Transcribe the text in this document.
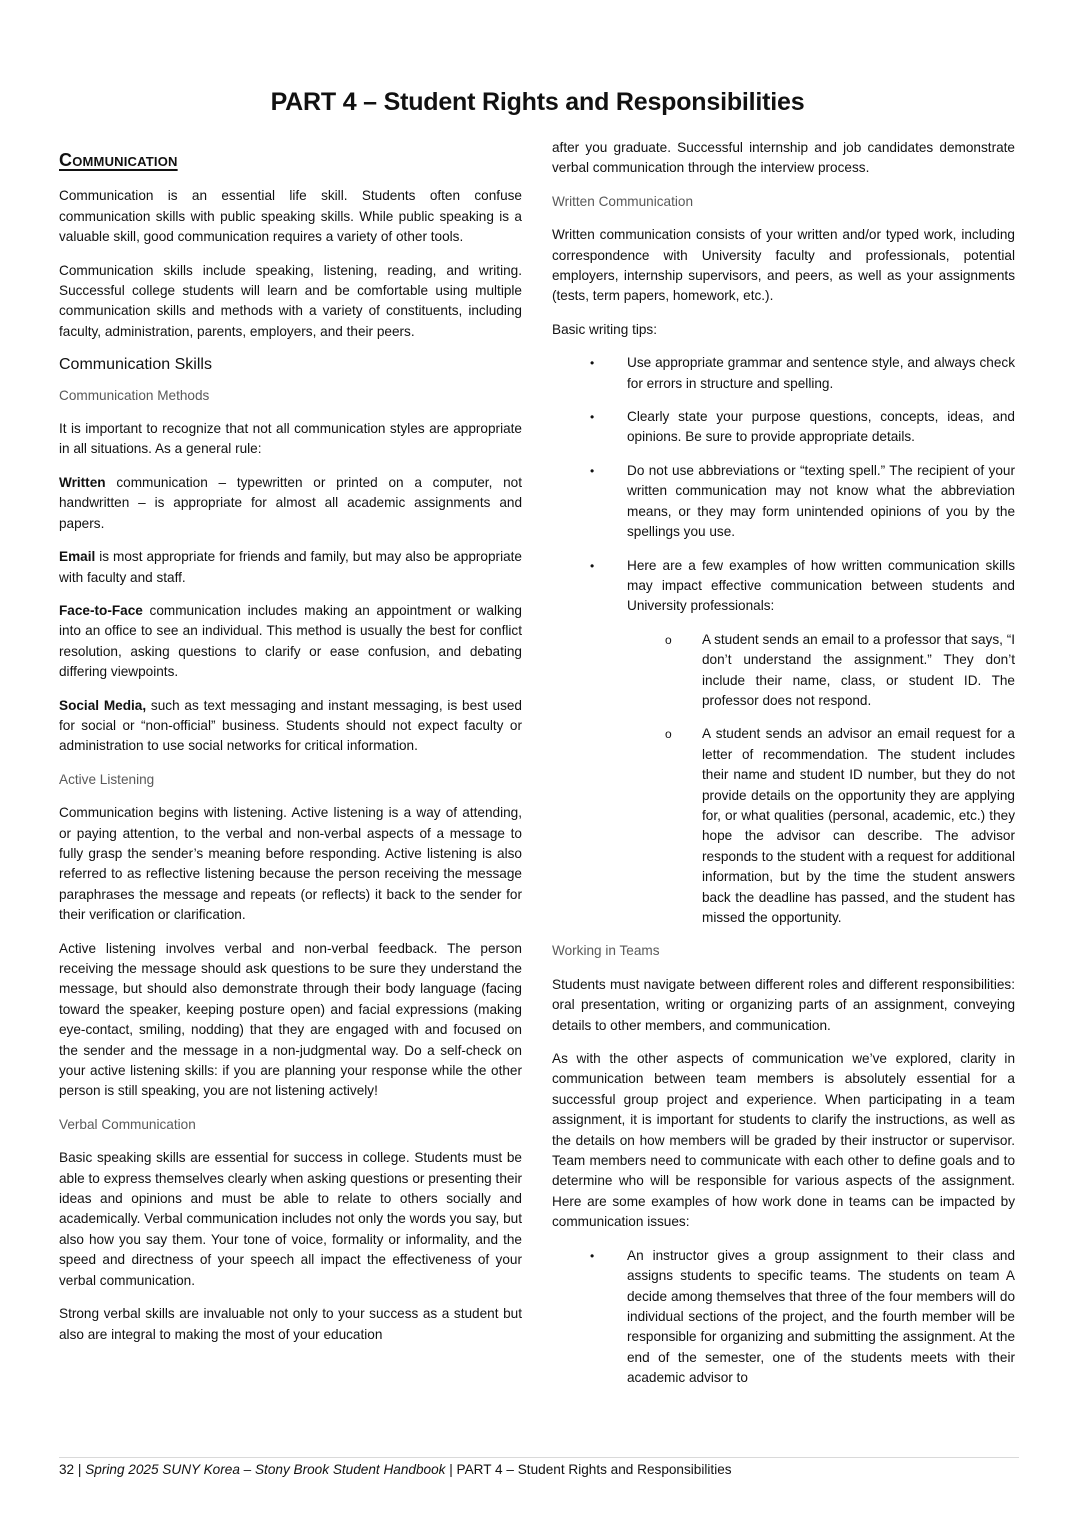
PART 4 – Student Rights and Responsibilities
Communication

Communication is an essential life skill. Students often confuse communication skills with public speaking skills. While public speaking is a valuable skill, good communication requires a variety of other tools.

Communication skills include speaking, listening, reading, and writing. Successful college students will learn and be comfortable using multiple communication skills and methods with a variety of constituents, including faculty, administration, parents, employers, and their peers.

Communication Skills
Communication Methods

It is important to recognize that not all communication styles are appropriate in all situations. As a general rule:

Written communication – typewritten or printed on a computer, not handwritten – is appropriate for almost all academic assignments and papers.

Email is most appropriate for friends and family, but may also be appropriate with faculty and staff.

Face-to-Face communication includes making an appointment or walking into an office to see an individual. This method is usually the best for conflict resolution, asking questions to clarify or ease confusion, and debating differing viewpoints.

Social Media, such as text messaging and instant messaging, is best used for social or “non-official” business. Students should not expect faculty or administration to use social networks for critical information.

Active Listening

Communication begins with listening. Active listening is a way of attending, or paying attention, to the verbal and non-verbal aspects of a message to fully grasp the sender’s meaning before responding. Active listening is also referred to as reflective listening because the person receiving the message paraphrases the message and repeats (or reflects) it back to the sender for their verification or clarification.

Active listening involves verbal and non-verbal feedback. The person receiving the message should ask questions to be sure they understand the message, but should also demonstrate through their body language (facing toward the speaker, keeping posture open) and facial expressions (making eye-contact, smiling, nodding) that they are engaged with and focused on the sender and the message in a non-judgmental way. Do a self-check on your active listening skills: if you are planning your response while the other person is still speaking, you are not listening actively!

Verbal Communication

Basic speaking skills are essential for success in college. Students must be able to express themselves clearly when asking questions or presenting their ideas and opinions and must be able to relate to others socially and academically. Verbal communication includes not only the words you say, but also how you say them. Your tone of voice, formality or informality, and the speed and directness of your speech all impact the effectiveness of your verbal communication.

Strong verbal skills are invaluable not only to your success as a student but also are integral to making the most of your education

after you graduate. Successful internship and job candidates demonstrate verbal communication through the interview process.

Written Communication

Written communication consists of your written and/or typed work, including correspondence with University faculty and professionals, potential employers, internship supervisors, and peers, as well as your assignments (tests, term papers, homework, etc.).

Basic writing tips:

• Use appropriate grammar and sentence style, and always check for errors in structure and spelling.
• Clearly state your purpose questions, concepts, ideas, and opinions. Be sure to provide appropriate details.
• Do not use abbreviations or “texting spell.” The recipient of your written communication may not know what the abbreviation means, or they may form unintended opinions of you by the spellings you use.
• Here are a few examples of how written communication skills may impact effective communication between students and University professionals:
o A student sends an email to a professor that says, “I don’t understand the assignment.” They don’t include their name, class, or student ID. The professor does not respond.
o A student sends an advisor an email request for a letter of recommendation. The student includes their name and student ID number, but they do not provide details on the opportunity they are applying for, or what qualities (personal, academic, etc.) they hope the advisor can describe. The advisor responds to the student with a request for additional information, but by the time the student answers back the deadline has passed, and the student has missed the opportunity.
Working in Teams

Students must navigate between different roles and different responsibilities: oral presentation, writing or organizing parts of an assignment, conveying details to other members, and communication.

As with the other aspects of communication we’ve explored, clarity in communication between team members is absolutely essential for a successful group project and experience. When participating in a team assignment, it is important for students to clarify the instructions, as well as the details on how members will be graded by their instructor or supervisor. Team members need to communicate with each other to define goals and to determine who will be responsible for various aspects of the assignment. Here are some examples of how work done in teams can be impacted by communication issues:

• An instructor gives a group assignment to their class and assigns students to specific teams. The students on team A decide among themselves that three of the four members will do individual sections of the project, and the fourth member will be responsible for organizing and submitting the assignment. At the end of the semester, one of the students meets with their academic advisor to
32 | Spring 2025 SUNY Korea – Stony Brook Student Handbook | PART 4 – Student Rights and Responsibilities
